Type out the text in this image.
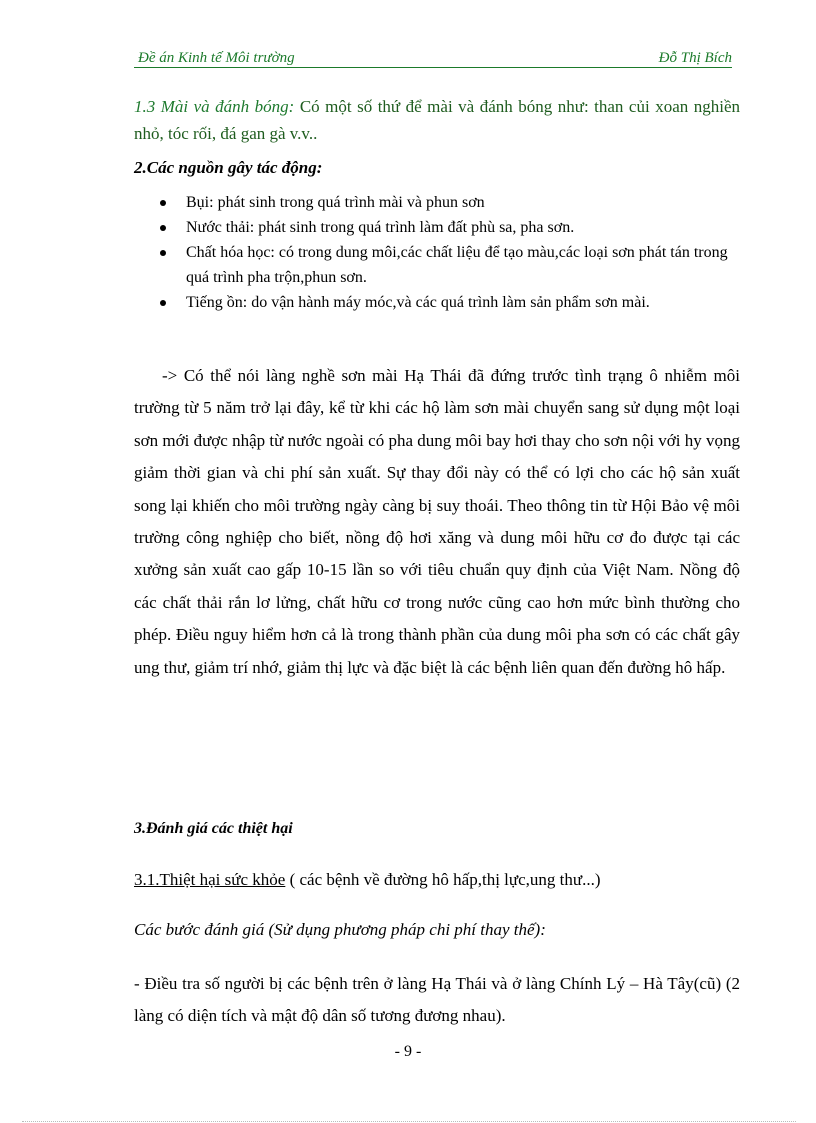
Đề án Kinh tế Môi trường	Đỗ Thị Bích
1.3 Mài và đánh bóng: Có một số thứ để mài và đánh bóng như: than củi xoan nghiền nhỏ, tóc rối, đá gan gà v.v..
2.Các nguồn gây tác động:
Bụi: phát sinh trong quá trình mài và phun sơn
Nước thải: phát sinh trong quá trình làm đất phù sa, pha sơn.
Chất hóa học: có trong dung môi,các chất liệu để tạo màu,các loại sơn phát tán trong quá trình pha trộn,phun sơn.
Tiếng ồn: do vận hành máy móc,và các quá trình làm sản phẩm sơn mài.
-> Có thể nói làng nghề sơn mài Hạ Thái đã đứng trước tình trạng ô nhiễm môi trường từ 5 năm trở lại đây, kể từ khi các hộ làm sơn mài chuyển sang sử dụng một loại sơn mới được nhập từ nước ngoài có pha dung môi bay hơi thay cho sơn nội với hy vọng giảm thời gian và chi phí sản xuất. Sự thay đổi này có thể có lợi cho các hộ sản xuất song lại khiến cho môi trường ngày càng bị suy thoái. Theo thông tin từ Hội Bảo vệ môi trường công nghiệp cho biết, nồng độ hơi xăng và dung môi hữu cơ đo được tại các xưởng sản xuất cao gấp 10-15 lần so với tiêu chuẩn quy định của Việt Nam. Nồng độ các chất thải rắn lơ lửng, chất hữu cơ trong nước cũng cao hơn mức bình thường cho phép. Điều nguy hiểm hơn cả là trong thành phần của dung môi pha sơn có các chất gây ung thư, giảm trí nhớ, giảm thị lực và đặc biệt là các bệnh liên quan đến đường hô hấp.
3.Đánh giá các thiệt hại
3.1.Thiệt hại sức khỏe ( các bệnh về đường hô hấp,thị lực,ung thư...)
Các bước đánh giá (Sử dụng phương pháp chi phí thay thế):
- Điều tra số người bị các bệnh trên ở làng Hạ Thái và ở làng Chính Lý – Hà Tây(cũ) (2 làng có diện tích và mật độ dân số tương đương nhau).
- 9 -
